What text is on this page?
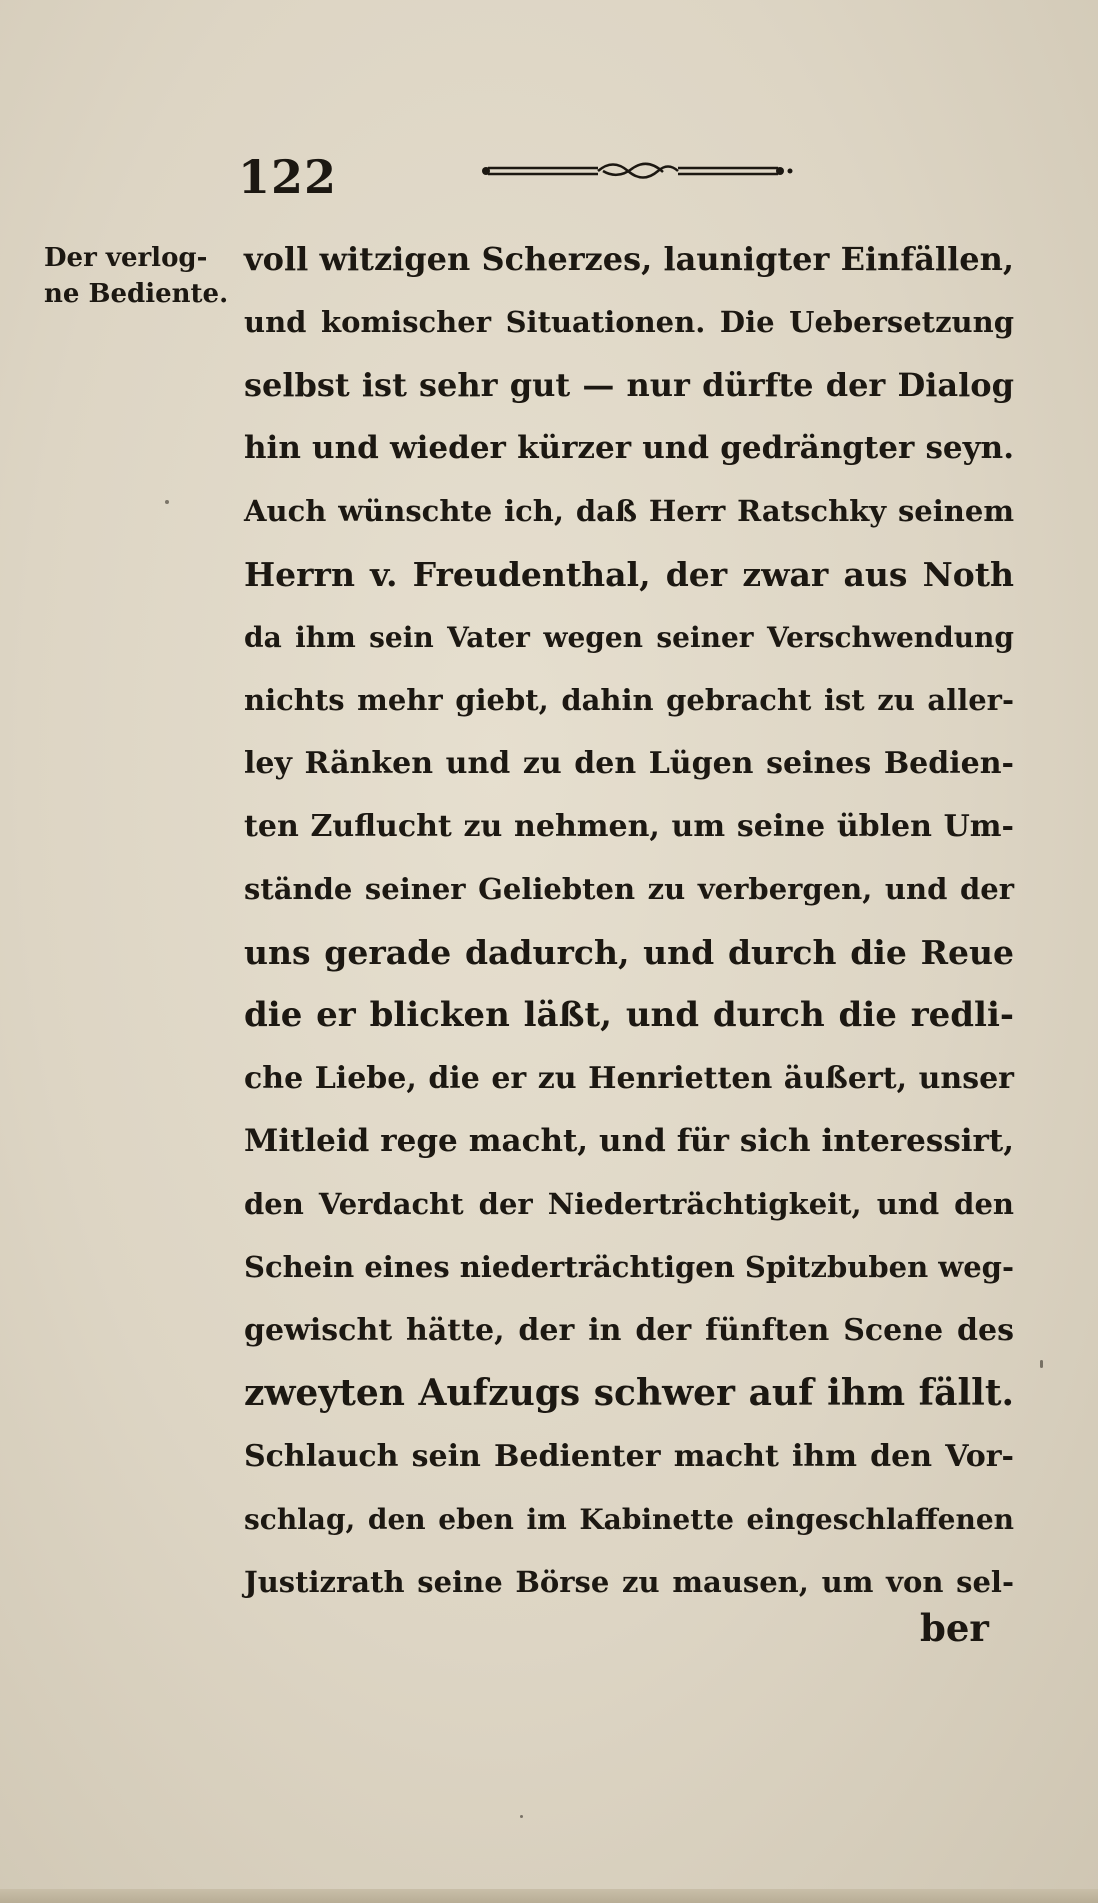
122
Der verlog-
ne Bediente.
voll witzigen Scherzes, launigter Einfällen,
und komischer Situationen. Die Uebersetzung
selbst ist sehr gut — nur dürfte der Dialog
hin und wieder kürzer und gedrängter seyn.
Auch wünschte ich, daß Herr Ratschky seinem
Herrn v. Freudenthal, der zwar aus Noth
da ihm sein Vater wegen seiner Verschwendung
nichts mehr giebt, dahin gebracht ist zu aller-
ley Ränken und zu den Lügen seines Bedien-
ten Zuflucht zu nehmen, um seine üblen Um-
stände seiner Geliebten zu verbergen, und der
uns gerade dadurch, und durch die Reue
die er blicken läßt, und durch die redli-
che Liebe, die er zu Henrietten äußert, unser
Mitleid rege macht, und für sich interessirt,
den Verdacht der Niederträchtigkeit, und den
Schein eines niederträchtigen Spitzbuben weg-
gewischt hätte, der in der fünften Scene des
zweyten Aufzugs schwer auf ihm fällt.
Schlauch sein Bedienter macht ihm den Vor-
schlag, den eben im Kabinette eingeschlaffenen
Justizrath seine Börse zu mausen, um von sel-
ber
